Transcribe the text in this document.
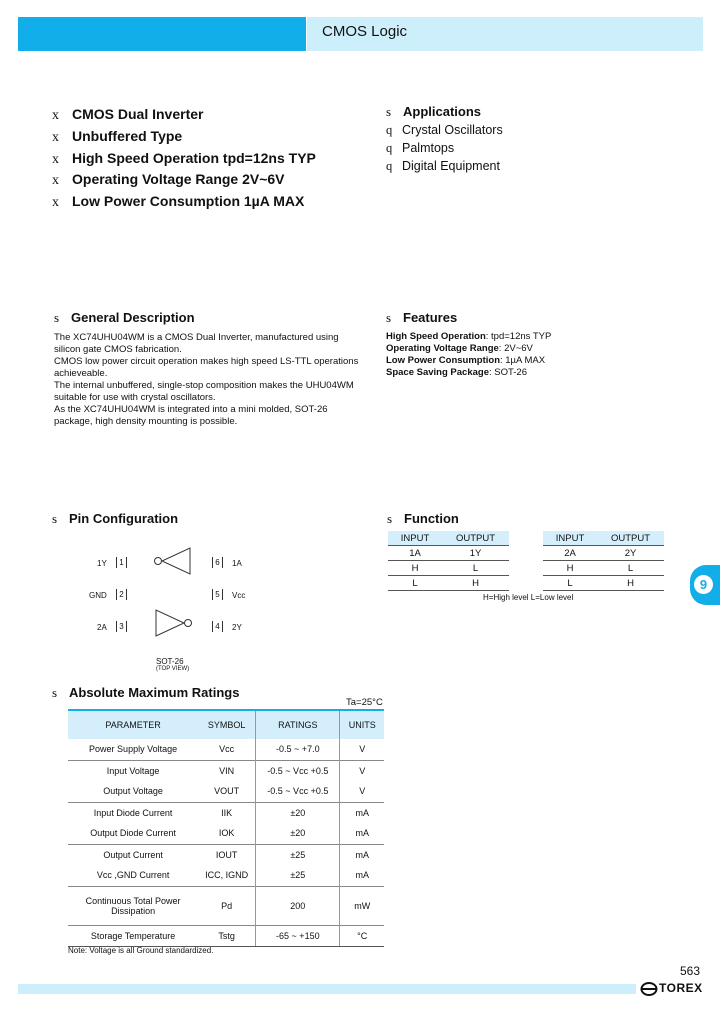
CMOS Logic
x CMOS Dual Inverter
x Unbuffered Type
x High Speed Operation tpd=12ns TYP
x Operating Voltage Range 2V~6V
x Low Power Consumption 1µA MAX
s Applications
q Crystal Oscillators
q Palmtops
q Digital Equipment
s General Description

The XC74UHU04WM is a CMOS Dual Inverter, manufactured using silicon gate CMOS fabrication.

CMOS low power circuit operation makes high speed LS-TTL operations achieveable.

The internal unbuffered, single-stop composition makes the UHU04WM suitable for use with crystal oscillators.

As the XC74UHU04WM is integrated into a mini molded, SOT-26 package, high density mounting is possible.

s Features
High Speed Operation: tpd=12ns TYP
Operating Voltage Range: 2V~6V
Low Power Consumption: 1µA MAX
Space Saving Package: SOT-26
s Pin Configuration
1Y	1
GND	2
2A	3
6	1A
5	Vcc
4	2Y
SOT-26
(TOP VIEW)
s Function
INPUT	OUTPUT
1A	1Y
H	L
L	H
INPUT	OUTPUT
2A	2Y
H	L
L	H
H=High level L=Low level
s Absolute Maximum Ratings
Ta=25°C
PARAMETER	SYMBOL	RATINGS	UNITS
Power Supply Voltage	Vcc	-0.5 ~ +7.0	V
Input Voltage	VIN	-0.5 ~ Vcc +0.5	V
Output Voltage	VOUT	-0.5 ~ Vcc +0.5	V
Input Diode Current	IIK	±20	mA
Output Diode Current	IOK	±20	mA
Output Current	IOUT	±25	mA
Vcc ,GND Current	ICC, IGND	±25	mA
Continuous Total Power Dissipation	Pd	200	mW
Storage Temperature	Tstg	-65 ~ +150	°C
Note: Voltage is all Ground standardized.
9
563
TOREX
